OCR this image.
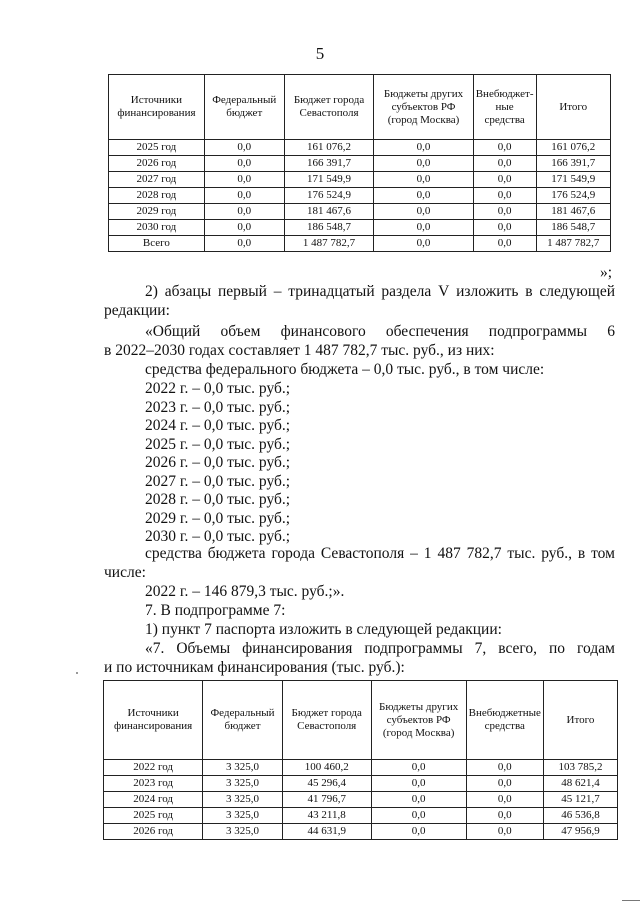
5
Источники финансирования	Федеральный бюджет	Бюджет города Севастополя	Бюджеты других субъектов РФ (город Москва)	Внебюджет-ные средства	Итого
2025 год	0,0	161 076,2	0,0	0,0	161 076,2
2026 год	0,0	166 391,7	0,0	0,0	166 391,7
2027 год	0,0	171 549,9	0,0	0,0	171 549,9
2028 год	0,0	176 524,9	0,0	0,0	176 524,9
2029 год	0,0	181 467,6	0,0	0,0	181 467,6
2030 год	0,0	186 548,7	0,0	0,0	186 548,7
Всего	0,0	1 487 782,7	0,0	0,0	1 487 782,7
»;
2) абзацы первый – тринадцатый раздела V изложить в следующей
редакции:
«Общий объем финансового обеспечения подпрограммы 6
в 2022–2030 годах составляет 1 487 782,7 тыс. руб., из них:
средства федерального бюджета – 0,0 тыс. руб., в том числе:
2022 г. – 0,0 тыс. руб.;
2023 г. – 0,0 тыс. руб.;
2024 г. – 0,0 тыс. руб.;
2025 г. – 0,0 тыс. руб.;
2026 г. – 0,0 тыс. руб.;
2027 г. – 0,0 тыс. руб.;
2028 г. – 0,0 тыс. руб.;
2029 г. – 0,0 тыс. руб.;
2030 г. – 0,0 тыс. руб.;
средства бюджета города Севастополя – 1 487 782,7 тыс. руб., в том
числе:
2022 г. – 146 879,3 тыс. руб.;».
7. В подпрограмме 7:
1) пункт 7 паспорта изложить в следующей редакции:
«7. Объемы финансирования подпрограммы 7, всего, по годам
и по источникам финансирования (тыс. руб.):
Источники финансирования	Федеральный бюджет	Бюджет города Севастополя	Бюджеты других субъектов РФ (город Москва)	Внебюджетные средства	Итого
2022 год	3 325,0	100 460,2	0,0	0,0	103 785,2
2023 год	3 325,0	45 296,4	0,0	0,0	48 621,4
2024 год	3 325,0	41 796,7	0,0	0,0	45 121,7
2025 год	3 325,0	43 211,8	0,0	0,0	46 536,8
2026 год	3 325,0	44 631,9	0,0	0,0	47 956,9
